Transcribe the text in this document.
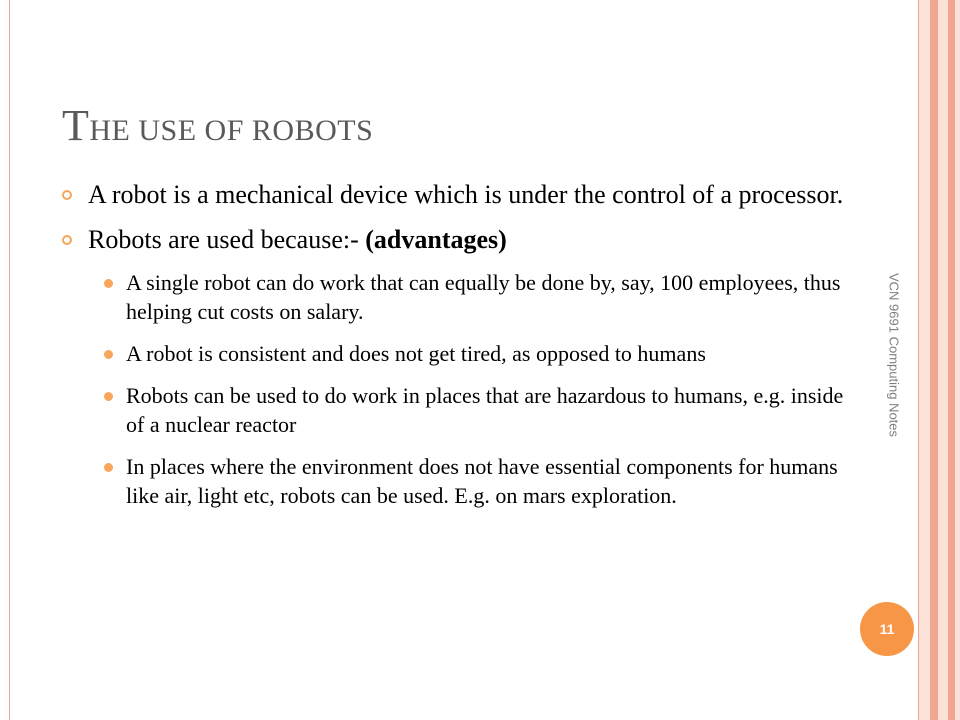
THE USE OF ROBOTS
A robot is a mechanical device which is under the control of a processor.
Robots are used because:- (advantages)
A single robot can do work that can equally be done by, say, 100 employees, thus helping cut costs on salary.
A robot is consistent and does not get tired, as opposed to humans
Robots can be used to do work in places that are hazardous to humans, e.g. inside of a nuclear reactor
In places where the environment does not have essential components for humans like air, light etc, robots can be used. E.g. on mars exploration.
VCN 9691 Computing Notes
11
